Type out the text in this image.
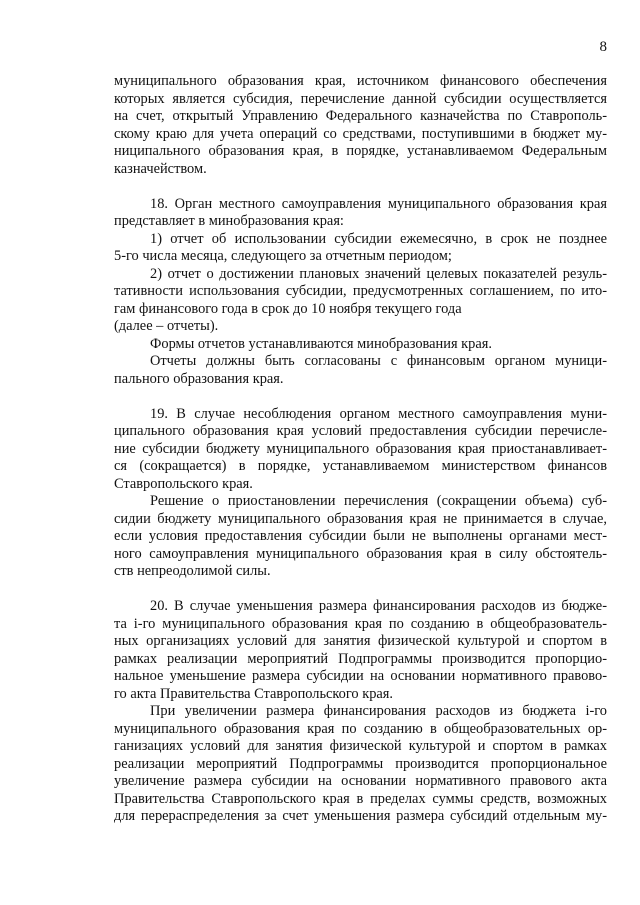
8
муниципального образования края, источником финансового обеспечения
которых является субсидия, перечисление данной субсидии осуществляется
на счет, открытый Управлению Федерального казначейства по Ставрополь-
скому краю для учета операций со средствами, поступившими в бюджет му-
ниципального образования края, в порядке, устанавливаемом Федеральным
казначейством.
18. Орган местного самоуправления муниципального образования края
представляет в минобразования края:
1) отчет об использовании субсидии ежемесячно, в срок не позднее
5-го числа месяца, следующего за отчетным периодом;
2) отчет о достижении плановых значений целевых показателей резуль-
тативности использования субсидии, предусмотренных соглашением, по ито-
гам финансового года в срок до 10 ноября текущего года
(далее – отчеты).
Формы отчетов устанавливаются минобразования края.
Отчеты должны быть согласованы с финансовым органом муници-
пального образования края.
19. В случае несоблюдения органом местного самоуправления муни-
ципального образования края условий предоставления субсидии перечисле-
ние субсидии бюджету муниципального образования края приостанавливает-
ся (сокращается) в порядке, устанавливаемом министерством финансов
Ставропольского края.
Решение о приостановлении перечисления (сокращении объема) суб-
сидии бюджету муниципального образования края не принимается в случае,
если условия предоставления субсидии были не выполнены органами мест-
ного самоуправления муниципального образования края в силу обстоятель-
ств непреодолимой силы.
20. В случае уменьшения размера финансирования расходов из бюдже-
та i-го муниципального образования края по созданию в общеобразователь-
ных организациях условий для занятия физической культурой и спортом в
рамках реализации мероприятий Подпрограммы производится пропорцио-
нальное уменьшение размера субсидии на основании нормативного правово-
го акта Правительства Ставропольского края.
При увеличении размера финансирования расходов из бюджета i-го
муниципального образования края по созданию в общеобразовательных ор-
ганизациях условий для занятия физической культурой и спортом в рамках
реализации мероприятий Подпрограммы производится пропорциональное
увеличение размера субсидии на основании нормативного правового акта
Правительства Ставропольского края в пределах суммы средств, возможных
для перераспределения за счет уменьшения размера субсидий отдельным му-
